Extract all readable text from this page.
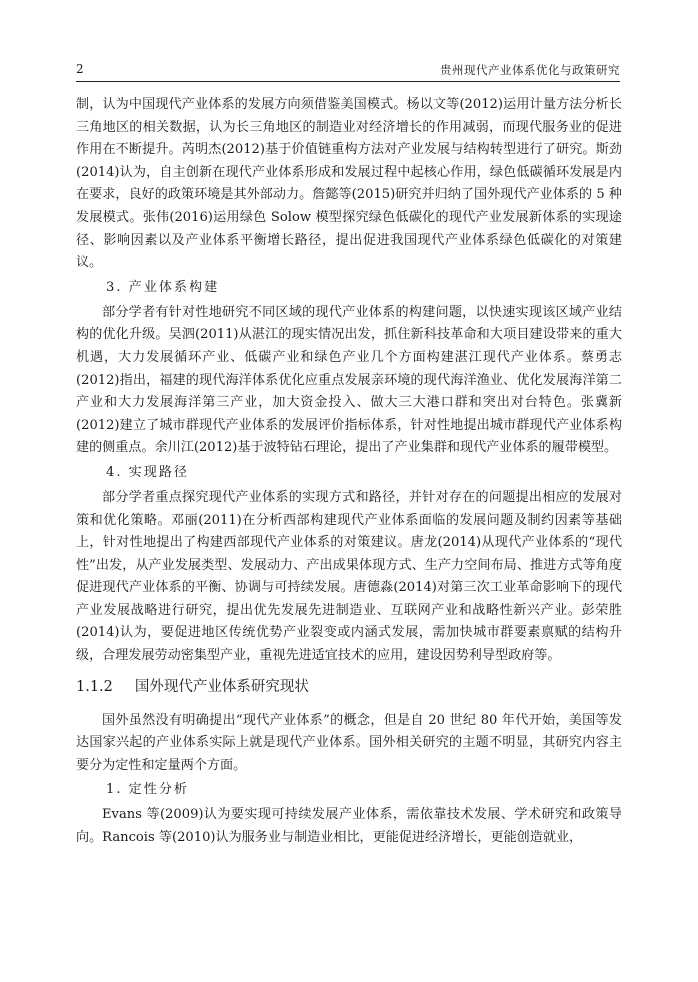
2	贵州现代产业体系优化与政策研究

制，认为中国现代产业体系的发展方向须借鉴美国模式。杨以文等(2012)运用计量方法分析长三角地区的相关数据，认为长三角地区的制造业对经济增长的作用减弱，而现代服务业的促进作用在不断提升。芮明杰(2012)基于价值链重构方法对产业发展与结构转型进行了研究。斯劲(2014)认为，自主创新在现代产业体系形成和发展过程中起核心作用，绿色低碳循环发展是内在要求，良好的政策环境是其外部动力。詹懿等(2015)研究并归纳了国外现代产业体系的 5 种发展模式。张伟(2016)运用绿色 Solow 模型探究绿色低碳化的现代产业发展新体系的实现途径、影响因素以及产业体系平衡增长路径，提出促进我国现代产业体系绿色低碳化的对策建议。

3. 产业体系构建

部分学者有针对性地研究不同区域的现代产业体系的构建问题，以快速实现该区域产业结构的优化升级。吴泗(2011)从湛江的现实情况出发，抓住新科技革命和大项目建设带来的重大机遇，大力发展循环产业、低碳产业和绿色产业几个方面构建湛江现代产业体系。蔡勇志(2012)指出，福建的现代海洋体系优化应重点发展亲环境的现代海洋渔业、优化发展海洋第二产业和大力发展海洋第三产业，加大资金投入、做大三大港口群和突出对台特色。张冀新(2012)建立了城市群现代产业体系的发展评价指标体系，针对性地提出城市群现代产业体系构建的侧重点。余川江(2012)基于波特钻石理论，提出了产业集群和现代产业体系的履带模型。

4. 实现路径

部分学者重点探究现代产业体系的实现方式和路径，并针对存在的问题提出相应的发展对策和优化策略。邓丽(2011)在分析西部构建现代产业体系面临的发展问题及制约因素等基础上，针对性地提出了构建西部现代产业体系的对策建议。唐龙(2014)从现代产业体系的“现代性”出发，从产业发展类型、发展动力、产出成果体现方式、生产力空间布局、推进方式等角度促进现代产业体系的平衡、协调与可持续发展。唐德淼(2014)对第三次工业革命影响下的现代产业发展战略进行研究，提出优先发展先进制造业、互联网产业和战略性新兴产业。彭荣胜(2014)认为，要促进地区传统优势产业裂变或内涵式发展，需加快城市群要素禀赋的结构升级，合理发展劳动密集型产业，重视先进适宜技术的应用，建设因势利导型政府等。

1.1.2 国外现代产业体系研究现状

国外虽然没有明确提出“现代产业体系”的概念，但是自 20 世纪 80 年代开始，美国等发达国家兴起的产业体系实际上就是现代产业体系。国外相关研究的主题不明显，其研究内容主要分为定性和定量两个方面。

1. 定性分析

Evans 等(2009)认为要实现可持续发展产业体系，需依靠技术发展、学术研究和政策导向。Rancois 等(2010)认为服务业与制造业相比，更能促进经济增长，更能创造就业，
